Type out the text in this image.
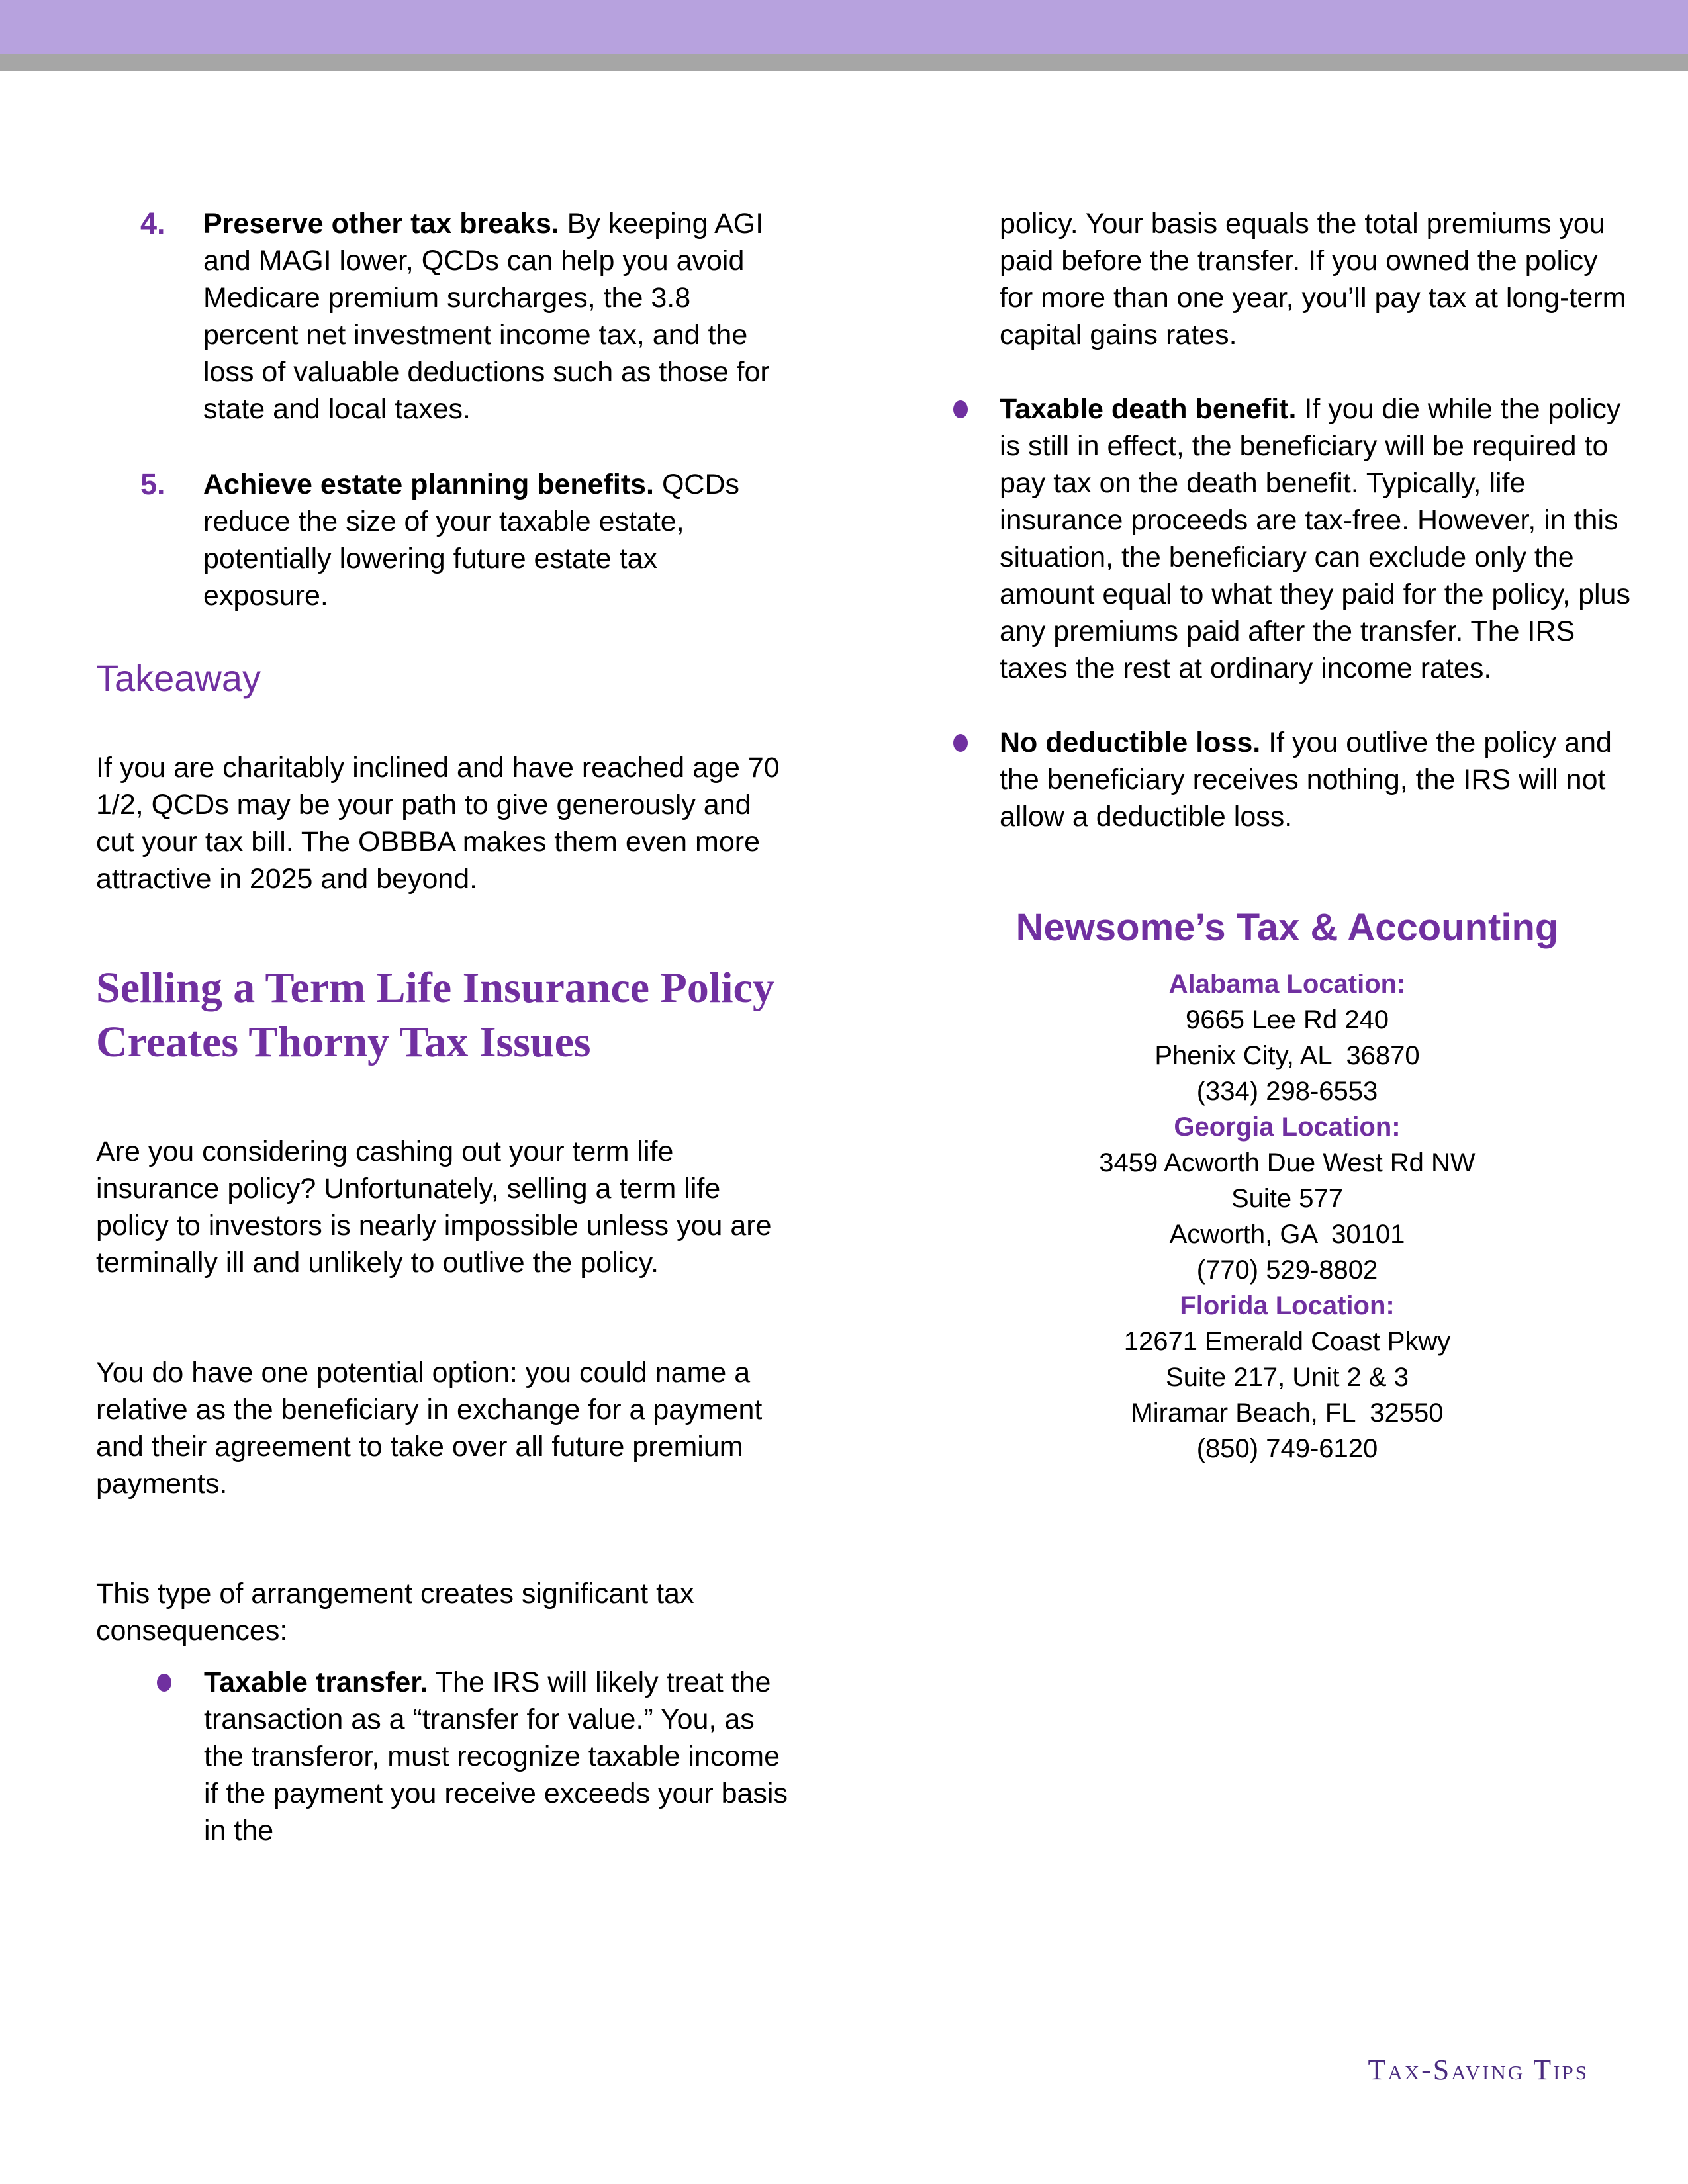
4. Preserve other tax breaks. By keeping AGI and MAGI lower, QCDs can help you avoid Medicare premium surcharges, the 3.8 percent net investment income tax, and the loss of valuable deductions such as those for state and local taxes.
5. Achieve estate planning benefits. QCDs reduce the size of your taxable estate, potentially lowering future estate tax exposure.
Takeaway
If you are charitably inclined and have reached age 70 1/2, QCDs may be your path to give generously and cut your tax bill. The OBBBA makes them even more attractive in 2025 and beyond.
Selling a Term Life Insurance Policy Creates Thorny Tax Issues
Are you considering cashing out your term life insurance policy? Unfortunately, selling a term life policy to investors is nearly impossible unless you are terminally ill and unlikely to outlive the policy.
You do have one potential option: you could name a relative as the beneficiary in exchange for a payment and their agreement to take over all future premium payments.
This type of arrangement creates significant tax consequences:
Taxable transfer. The IRS will likely treat the transaction as a “transfer for value.” You, as the transferor, must recognize taxable income if the payment you receive exceeds your basis in the
policy. Your basis equals the total premiums you paid before the transfer. If you owned the policy for more than one year, you’ll pay tax at long-term capital gains rates.
Taxable death benefit. If you die while the policy is still in effect, the beneficiary will be required to pay tax on the death benefit. Typically, life insurance proceeds are tax-free. However, in this situation, the beneficiary can exclude only the amount equal to what they paid for the policy, plus any premiums paid after the transfer. The IRS taxes the rest at ordinary income rates.
No deductible loss. If you outlive the policy and the beneficiary receives nothing, the IRS will not allow a deductible loss.
Newsome’s Tax & Accounting
Alabama Location:
9665 Lee Rd 240
Phenix City, AL  36870
(334) 298-6553
Georgia Location:
3459 Acworth Due West Rd NW
Suite 577
Acworth, GA  30101
(770) 529-8802
Florida Location:
12671 Emerald Coast Pkwy
Suite 217, Unit 2 & 3
Miramar Beach, FL  32550
(850) 749-6120
Tax-Saving Tips
